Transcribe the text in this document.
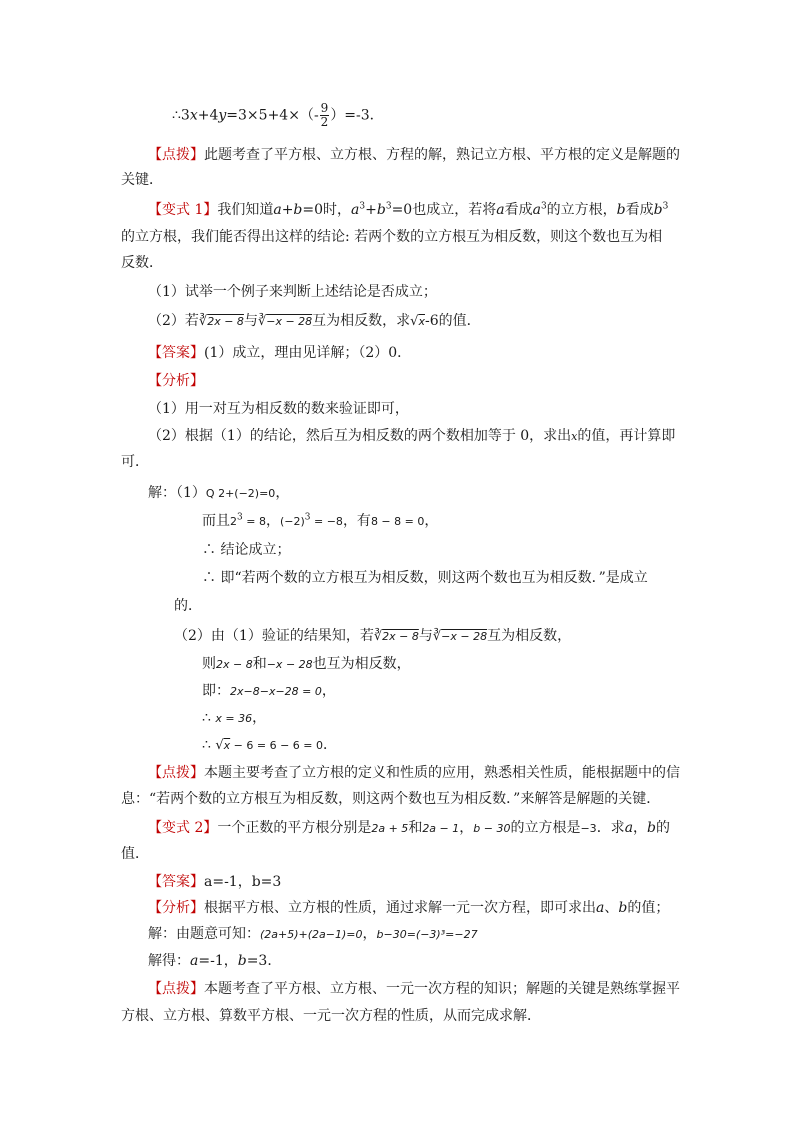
∴3x+4y=3×5+4×（- $\frac{9}{2} )=-3$．
【点拨】此题考查了平方根、立方根、方程的解，熟记立方根、平方根的定义是解题的
关键．
【变式 1】我们知道a+b=0时，$a^3+b^3=0$也成立，若将a看成$a^3$的立方根，b看成$b^3$
的立方根，我们能否得出这样的结论: 若两个数的立方根互为相反数，则这个数也互为相
反数．
（1）试举一个例子来判断上述结论是否成立；
（2）若∛2x − 8与∛−x − 28互为相反数，求√x-6的值．
【答案】(1）成立，理由见详解；（2）0．
【分析】
（1）用一对互为相反数的数来验证即可，
（2）根据（1）的结论，然后互为相反数的两个数相加等于 0，求出x的值，再计算即
可．
解：（1）Q 2+(−2)=0，
而且$2^3 = 8$，$(-2)^3 = -8$，有8 − 8 = 0，
∴ 结论成立；
∴ 即“若两个数的立方根互为相反数，则这两个数也互为相反数．”是成立
的．
（2）由（1）验证的结果知，若∛2x − 8与∛−x − 28互为相反数，
则2x − 8和−x − 28也互为相反数，
即：2x−8−x−28 = 0，
∴ x = 36，
∴ √x − 6 = 6 − 6 = 0．
【点拨】本题主要考查了立方根的定义和性质的应用，熟悉相关性质，能根据题中的信
息：“若两个数的立方根互为相反数，则这两个数也互为相反数．”来解答是解题的关键．
【变式 2】一个正数的平方根分别是2a + 5和2a − 1，b − 30的立方根是−3．求a，b的
值．
【答案】a=-1，b=3
【分析】根据平方根、立方根的性质，通过求解一元一次方程，即可求出a、b的值；
解：由题意可知：(2a+5)+(2a−1)=0，b−30=(−3)³=−27
解得：a=-1，b=3．
【点拨】本题考查了平方根、立方根、一元一次方程的知识；解题的关键是熟练掌握平
方根、立方根、算数平方根、一元一次方程的性质，从而完成求解．
